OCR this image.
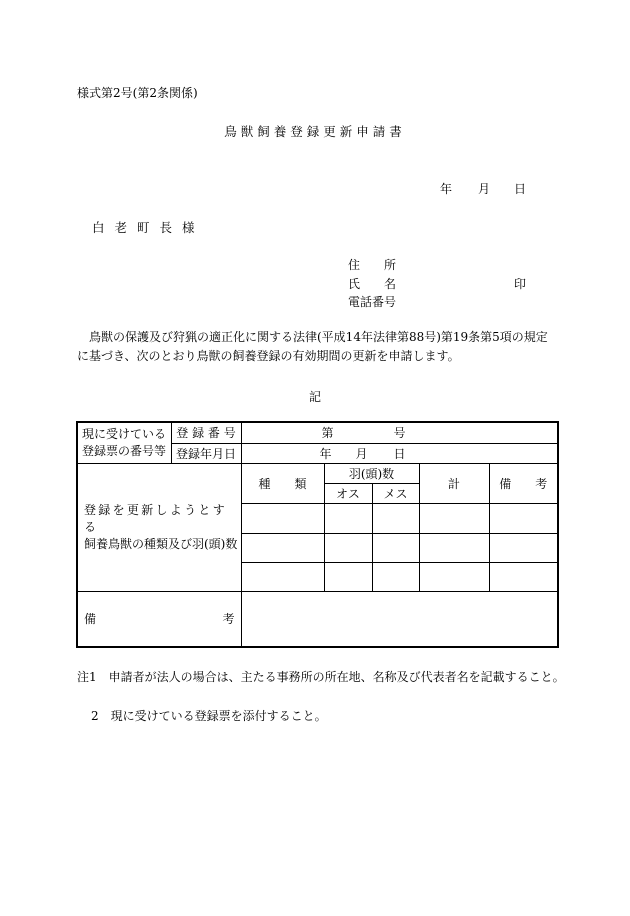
様式第2号(第2条関係)
鳥獣飼養登録更新申請書
年 月 日
白老町長様
住　　所
氏　　名	印
電話番号
鳥獣の保護及び狩猟の適正化に関する法律(平成14年法律第88号)第19条第5項の規定に基づき、次のとおり鳥獣の飼養登録の有効期間の更新を申請します。
記
現に受けている
登録票の番号等	登 録 番 号	第 号				
	登録年月日	年 月 日				

登録を更新しようとする
飼養鳥獣の種類及び羽(頭)数		種　　類	羽(頭)数		計	備　　考
			オス	メス		

備 考						

注1　申請者が法人の場合は、主たる事務所の所在地、名称及び代表者名を記載すること。
2　現に受けている登録票を添付すること。
